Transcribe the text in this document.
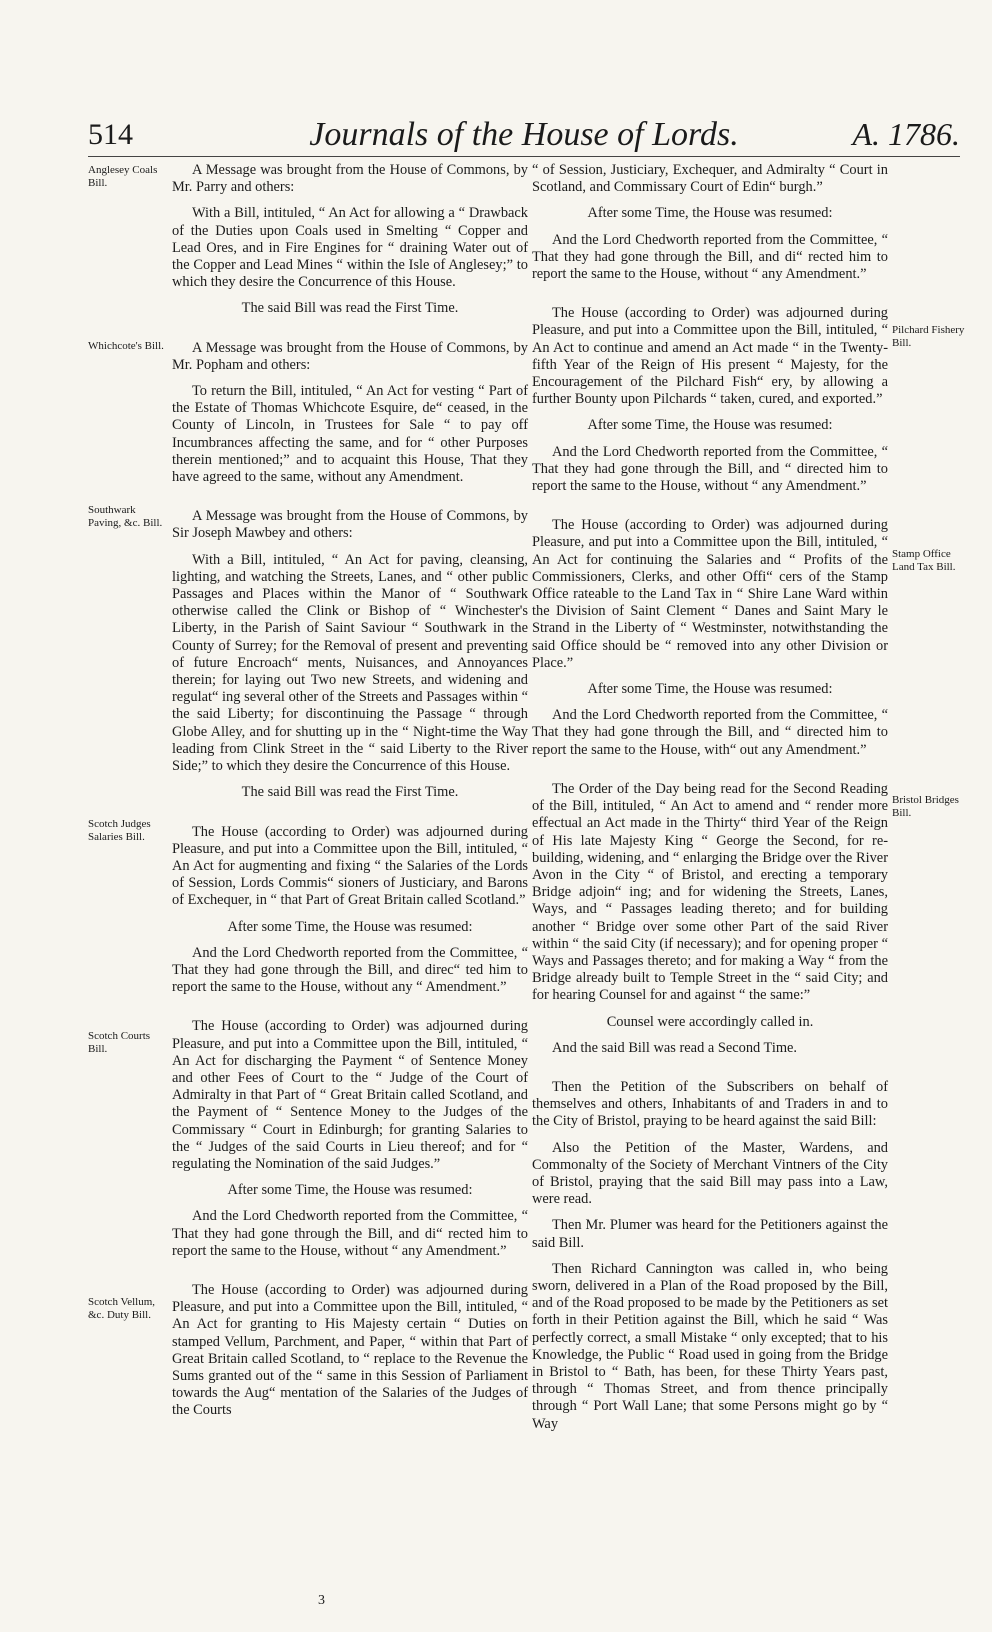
514	Journals of the House of Lords.	A. 1786.
Anglesey Coals Bill.
Whichcote's Bill.
Southwark Paving, &c. Bill.
Scotch Judges Salaries Bill.
Scotch Courts Bill.
Scotch Vellum, &c. Duty Bill.
Pilchard Fishery Bill.
Stamp Office Land Tax Bill.
Bristol Bridges Bill.

A Message was brought from the House of Commons, by Mr. Parry and others:

With a Bill, intituled, “ An Act for allowing a “ Drawback of the Duties upon Coals used in Smelting “ Copper and Lead Ores, and in Fire Engines for “ draining Water out of the Copper and Lead Mines “ within the Isle of Anglesey;” to which they desire the Concurrence of this House.

The said Bill was read the First Time.

A Message was brought from the House of Commons, by Mr. Popham and others:

To return the Bill, intituled, “ An Act for vesting “ Part of the Estate of Thomas Whichcote Esquire, de“ ceased, in the County of Lincoln, in Trustees for Sale “ to pay off Incumbrances affecting the same, and for “ other Purposes therein mentioned;” and to acquaint this House, That they have agreed to the same, without any Amendment.

A Message was brought from the House of Commons, by Sir Joseph Mawbey and others:

With a Bill, intituled, “ An Act for paving, cleansing, lighting, and watching the Streets, Lanes, and “ other public Passages and Places within the Manor of “ Southwark otherwise called the Clink or Bishop of “ Winchester's Liberty, in the Parish of Saint Saviour “ Southwark in the County of Surrey; for the Removal of present and preventing of future Encroach“ ments, Nuisances, and Annoyances therein; for laying out Two new Streets, and widening and regulat“ ing several other of the Streets and Passages within “ the said Liberty; for discontinuing the Passage “ through Globe Alley, and for shutting up in the “ Night-time the Way leading from Clink Street in the “ said Liberty to the River Side;” to which they desire the Concurrence of this House.

The said Bill was read the First Time.

The House (according to Order) was adjourned during Pleasure, and put into a Committee upon the Bill, intituled, “ An Act for augmenting and fixing “ the Salaries of the Lords of Session, Lords Commis“ sioners of Justiciary, and Barons of Exchequer, in “ that Part of Great Britain called Scotland.”

After some Time, the House was resumed:

And the Lord Chedworth reported from the Committee, “ That they had gone through the Bill, and direc“ ted him to report the same to the House, without any “ Amendment.”

The House (according to Order) was adjourned during Pleasure, and put into a Committee upon the Bill, intituled, “ An Act for discharging the Payment “ of Sentence Money and other Fees of Court to the “ Judge of the Court of Admiralty in that Part of “ Great Britain called Scotland, and the Payment of “ Sentence Money to the Judges of the Commissary “ Court in Edinburgh; for granting Salaries to the “ Judges of the said Courts in Lieu thereof; and for “ regulating the Nomination of the said Judges.”

After some Time, the House was resumed:

And the Lord Chedworth reported from the Committee, “ That they had gone through the Bill, and di“ rected him to report the same to the House, without “ any Amendment.”

The House (according to Order) was adjourned during Pleasure, and put into a Committee upon the Bill, intituled, “ An Act for granting to His Majesty certain “ Duties on stamped Vellum, Parchment, and Paper, “ within that Part of Great Britain called Scotland, to “ replace to the Revenue the Sums granted out of the “ same in this Session of Parliament towards the Aug“ mentation of the Salaries of the Judges of the Courts

“ of Session, Justiciary, Exchequer, and Admiralty “ Court in Scotland, and Commissary Court of Edin“ burgh.”

After some Time, the House was resumed:

And the Lord Chedworth reported from the Committee, “ That they had gone through the Bill, and di“ rected him to report the same to the House, without “ any Amendment.”

The House (according to Order) was adjourned during Pleasure, and put into a Committee upon the Bill, intituled, “ An Act to continue and amend an Act made “ in the Twenty-fifth Year of the Reign of His present “ Majesty, for the Encouragement of the Pilchard Fish“ ery, by allowing a further Bounty upon Pilchards “ taken, cured, and exported.”

After some Time, the House was resumed:

And the Lord Chedworth reported from the Committee, “ That they had gone through the Bill, and “ directed him to report the same to the House, without “ any Amendment.”

The House (according to Order) was adjourned during Pleasure, and put into a Committee upon the Bill, intituled, “ An Act for continuing the Salaries and “ Profits of the Commissioners, Clerks, and other Offi“ cers of the Stamp Office rateable to the Land Tax in “ Shire Lane Ward within the Division of Saint Clement “ Danes and Saint Mary le Strand in the Liberty of “ Westminster, notwithstanding the said Office should be “ removed into any other Division or Place.”

After some Time, the House was resumed:

And the Lord Chedworth reported from the Committee, “ That they had gone through the Bill, and “ directed him to report the same to the House, with“ out any Amendment.”

The Order of the Day being read for the Second Reading of the Bill, intituled, “ An Act to amend and “ render more effectual an Act made in the Thirty“ third Year of the Reign of His late Majesty King “ George the Second, for re-building, widening, and “ enlarging the Bridge over the River Avon in the City “ of Bristol, and erecting a temporary Bridge adjoin“ ing; and for widening the Streets, Lanes, Ways, and “ Passages leading thereto; and for building another “ Bridge over some other Part of the said River within “ the said City (if necessary); and for opening proper “ Ways and Passages thereto; and for making a Way “ from the Bridge already built to Temple Street in the “ said City; and for hearing Counsel for and against “ the same:”

Counsel were accordingly called in.

And the said Bill was read a Second Time.

Then the Petition of the Subscribers on behalf of themselves and others, Inhabitants of and Traders in and to the City of Bristol, praying to be heard against the said Bill:

Also the Petition of the Master, Wardens, and Commonalty of the Society of Merchant Vintners of the City of Bristol, praying that the said Bill may pass into a Law, were read.

Then Mr. Plumer was heard for the Petitioners against the said Bill.

Then Richard Cannington was called in, who being sworn, delivered in a Plan of the Road proposed by the Bill, and of the Road proposed to be made by the Petitioners as set forth in their Petition against the Bill, which he said “ Was perfectly correct, a small Mistake “ only excepted; that to his Knowledge, the Public “ Road used in going from the Bridge in Bristol to “ Bath, has been, for these Thirty Years past, through “ Thomas Street, and from thence principally through “ Port Wall Lane; that some Persons might go by “ Way

3
